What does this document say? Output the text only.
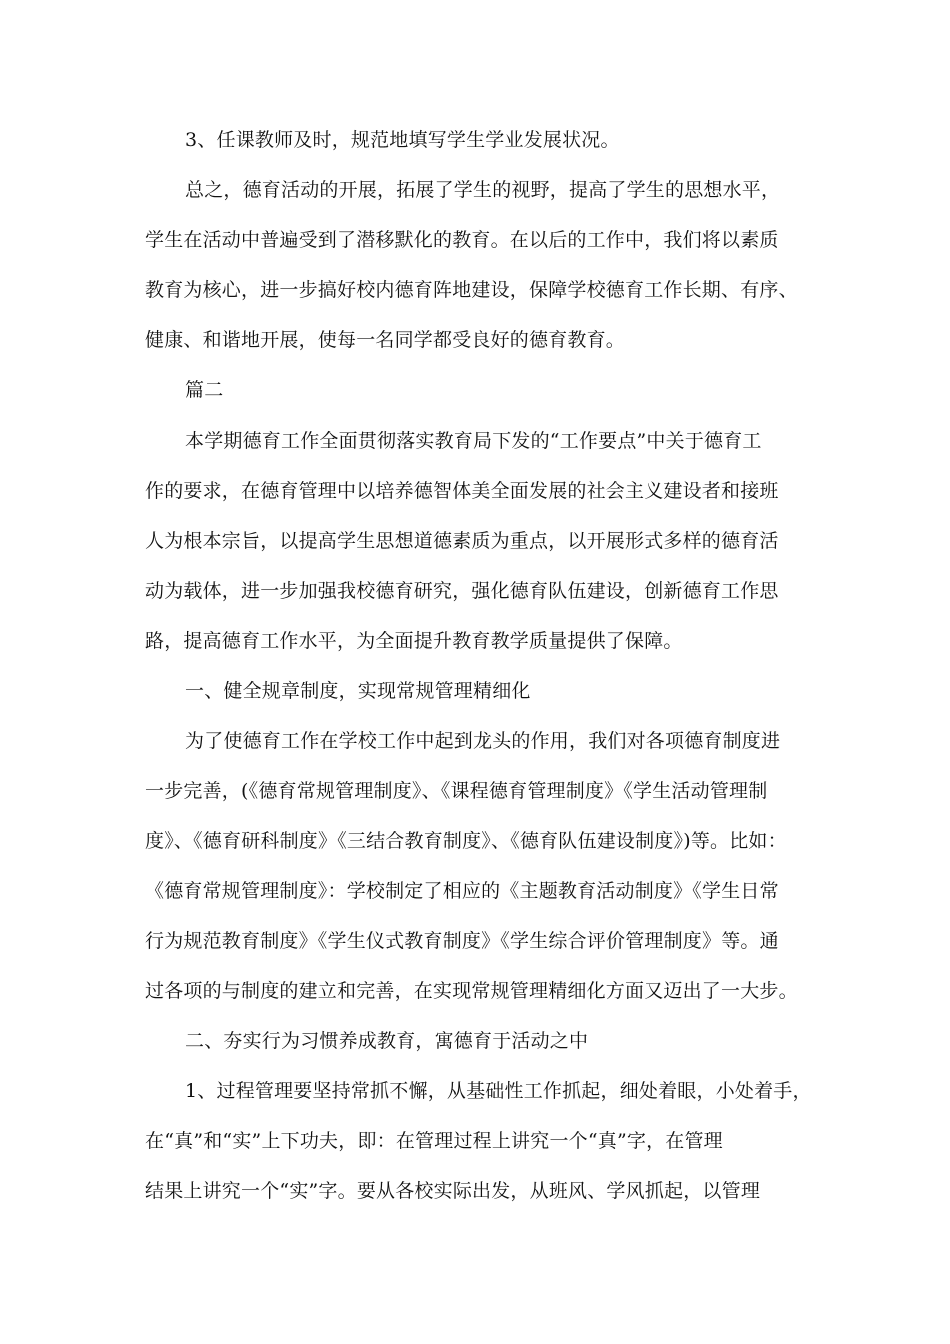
3、任课教师及时，规范地填写学生学业发展状况。
总之，德育活动的开展，拓展了学生的视野，提高了学生的思想水平，
学生在活动中普遍受到了潜移默化的教育。在以后的工作中，我们将以素质
教育为核心，进一步搞好校内德育阵地建设，保障学校德育工作长期、有序、
健康、和谐地开展，使每一名同学都受良好的德育教育。
篇二
本学期德育工作全面贯彻落实教育局下发的“工作要点”中关于德育工
作的要求，在德育管理中以培养德智体美全面发展的社会主义建设者和接班
人为根本宗旨，以提高学生思想道德素质为重点，以开展形式多样的德育活
动为载体，进一步加强我校德育研究，强化德育队伍建设，创新德育工作思
路，提高德育工作水平，为全面提升教育教学质量提供了保障。
一、健全规章制度，实现常规管理精细化
为了使德育工作在学校工作中起到龙头的作用，我们对各项德育制度进
一步完善，(《德育常规管理制度》、《课程德育管理制度》《学生活动管理制
度》、《德育研科制度》《三结合教育制度》、《德育队伍建设制度》)等。比如：
《德育常规管理制度》：学校制定了相应的《主题教育活动制度》《学生日常
行为规范教育制度》《学生仪式教育制度》《学生综合评价管理制度》等。通
过各项的与制度的建立和完善，在实现常规管理精细化方面又迈出了一大步。
二、夯实行为习惯养成教育，寓德育于活动之中
1、过程管理要坚持常抓不懈，从基础性工作抓起，细处着眼，小处着手，
在“真”和“实”上下功夫，即：在管理过程上讲究一个“真”字，在管理
结果上讲究一个“实”字。要从各校实际出发，从班风、学风抓起，以管理
